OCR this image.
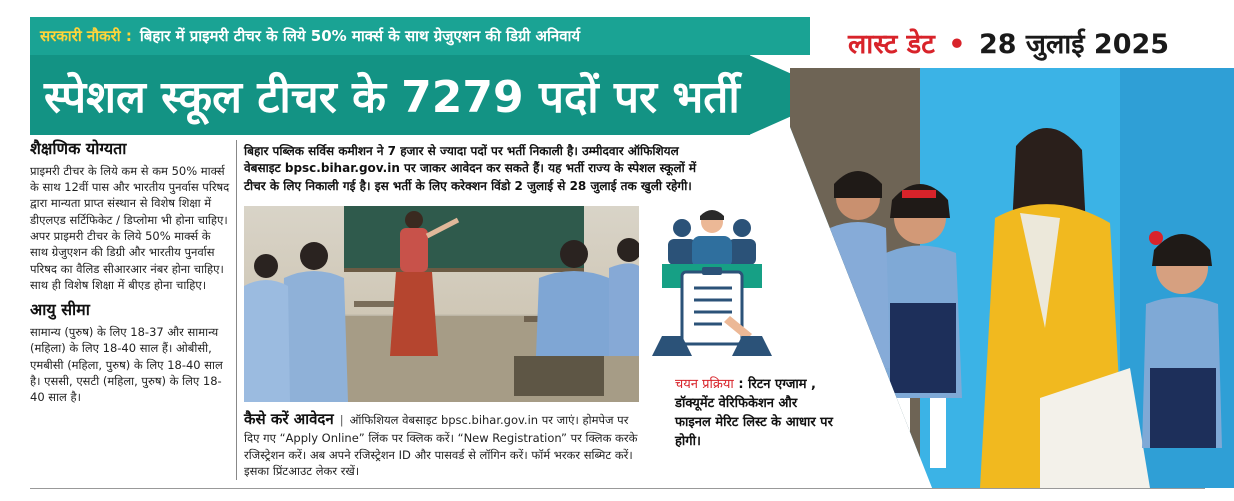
सरकारी नौकरी : बिहार में प्राइमरी टीचर के लिये 50% मार्क्स के साथ ग्रेजुएशन की डिग्री अनिवार्य
स्पेशल स्कूल टीचर के 7279 पदों पर भर्ती
लास्ट डेट • 28 जुलाई 2025
शैक्षणिक योग्यता
प्राइमरी टीचर के लिये कम से कम 50% मार्क्स के साथ 12वीं पास और भारतीय पुनर्वास परिषद द्वारा मान्यता प्राप्त संस्थान से विशेष शिक्षा में डीएलएड सर्टिफिकेट / डिप्लोमा भी होना चाहिए। अपर प्राइमरी टीचर के लिये 50% मार्क्स के साथ ग्रेजुएशन की डिग्री और भारतीय पुनर्वास परिषद का वैलिड सीआरआर नंबर होना चाहिए। साथ ही विशेष शिक्षा में बीएड होना चाहिए।
आयु सीमा
सामान्य (पुरुष) के लिए 18-37 और सामान्य (महिला) के लिए 18-40 साल हैं। ओबीसी, एमबीसी (महिला, पुरुष) के लिए 18-40 साल है। एससी, एसटी (महिला, पुरुष) के लिए 18-40 साल है।
बिहार पब्लिक सर्विस कमीशन ने 7 हजार से ज्यादा पदों पर भर्ती निकाली है। उम्मीदवार ऑफिशियल वेबसाइट bpsc.bihar.gov.in पर जाकर आवेदन कर सकते हैं। यह भर्ती राज्य के स्पेशल स्कूलों में टीचर के लिए निकाली गई है। इस भर्ती के लिए करेक्शन विंडो 2 जुलाई से 28 जुलाई तक खुली रहेगी।
कैसे करें आवेदन | ऑफिशियल वेबसाइट bpsc.bihar.gov.in पर जाएं। होमपेज पर दिए गए “Apply Online” लिंक पर क्लिक करें। “New Registration” पर क्लिक करके रजिस्ट्रेशन करें। अब अपने रजिस्ट्रेशन ID और पासवर्ड से लॉगिन करें। फॉर्म भरकर सब्मिट करें। इसका प्रिंटआउट लेकर रखें।
चयन प्रक्रिया : रिटन एग्जाम , डॉक्यूमेंट वेरिफिकेशन और फाइनल मेरिट लिस्ट के आधार पर होगी।
